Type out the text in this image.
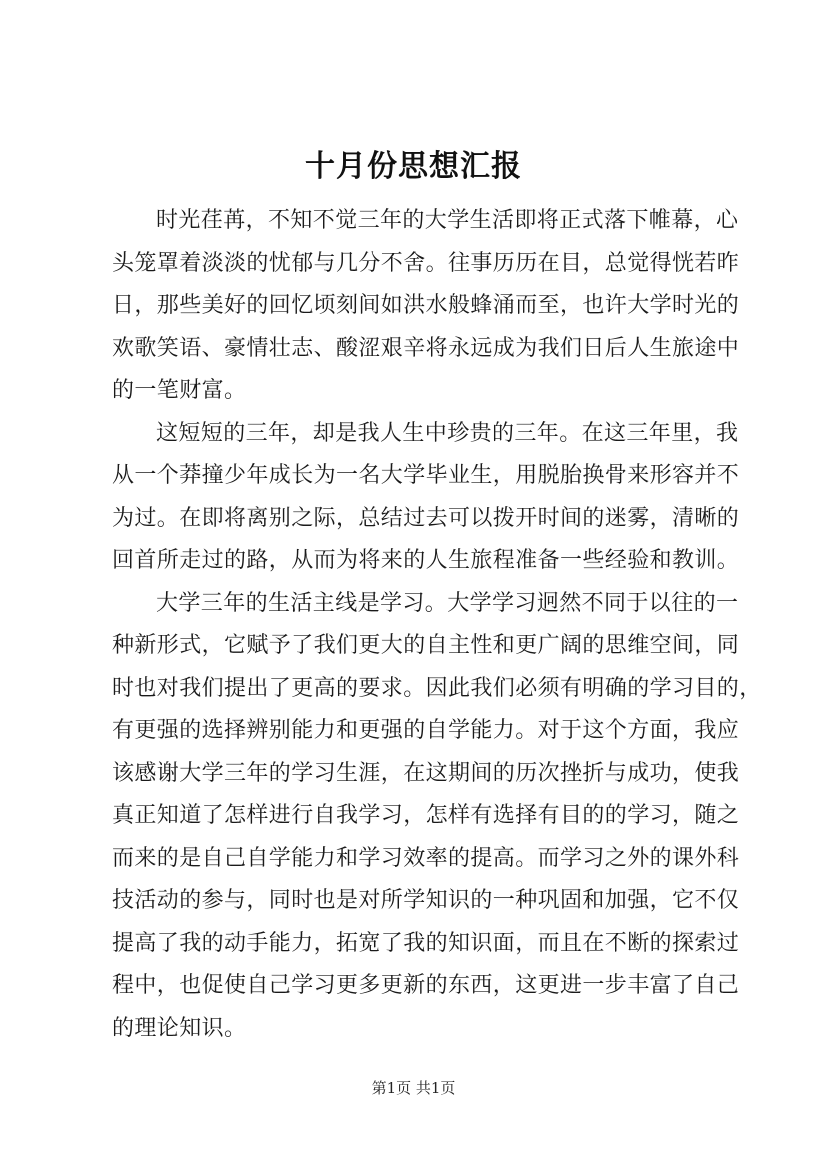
十月份思想汇报
时光荏苒，不知不觉三年的大学生活即将正式落下帷幕，心
头笼罩着淡淡的忧郁与几分不舍。往事历历在目，总觉得恍若昨
日，那些美好的回忆顷刻间如洪水般蜂涌而至，也许大学时光的
欢歌笑语、豪情壮志、酸涩艰辛将永远成为我们日后人生旅途中
的一笔财富。
这短短的三年，却是我人生中珍贵的三年。在这三年里，我
从一个莽撞少年成长为一名大学毕业生，用脱胎换骨来形容并不
为过。在即将离别之际，总结过去可以拨开时间的迷雾，清晰的
回首所走过的路，从而为将来的人生旅程准备一些经验和教训。
大学三年的生活主线是学习。大学学习迥然不同于以往的一
种新形式，它赋予了我们更大的自主性和更广阔的思维空间，同
时也对我们提出了更高的要求。因此我们必须有明确的学习目的，
有更强的选择辨别能力和更强的自学能力。对于这个方面，我应
该感谢大学三年的学习生涯，在这期间的历次挫折与成功，使我
真正知道了怎样进行自我学习，怎样有选择有目的的学习，随之
而来的是自己自学能力和学习效率的提高。而学习之外的课外科
技活动的参与，同时也是对所学知识的一种巩固和加强，它不仅
提高了我的动手能力，拓宽了我的知识面，而且在不断的探索过
程中，也促使自己学习更多更新的东西，这更进一步丰富了自己
的理论知识。
第1页 共1页
